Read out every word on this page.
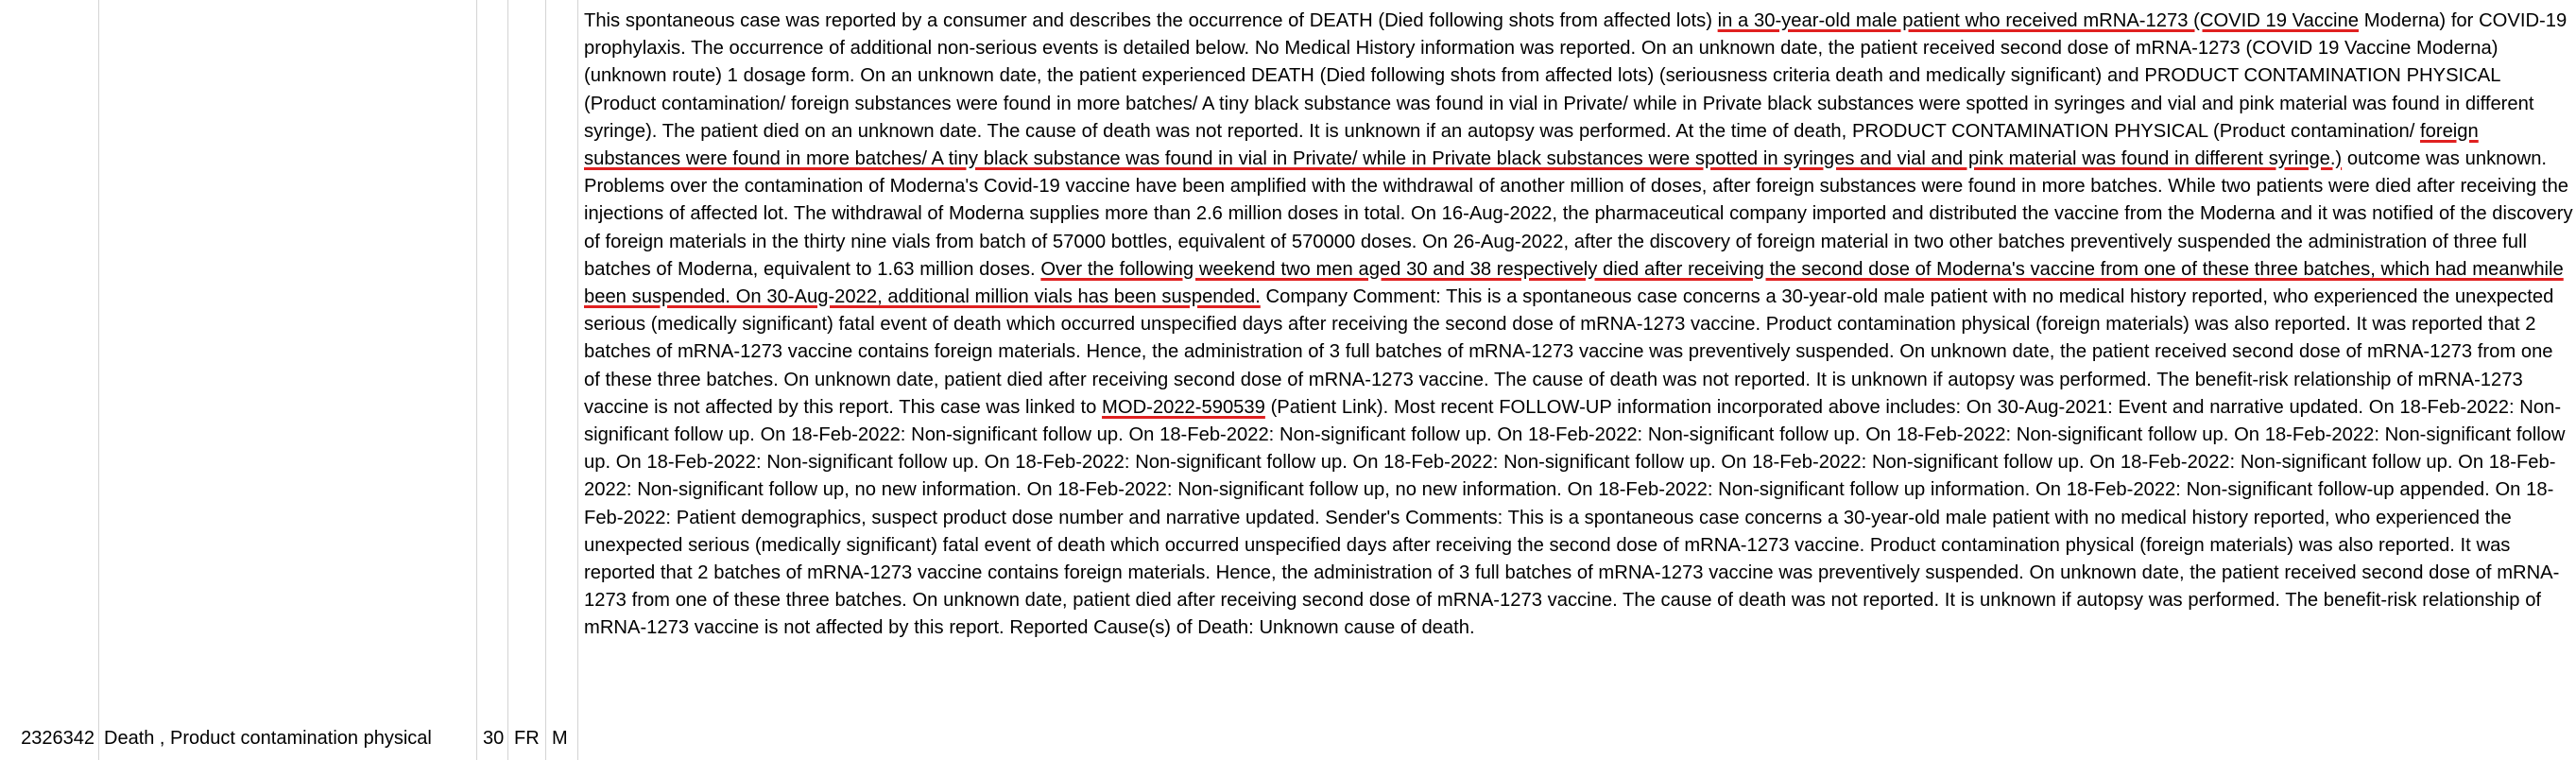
2326342 Death , Product contamination physical	30 FR M
This spontaneous case was reported by a consumer and describes the occurrence of DEATH (Died following shots from affected lots) in a 30-year-old male patient who received mRNA-1273 (COVID 19 Vaccine Moderna) for COVID-19 prophylaxis. The occurrence of additional non-serious events is detailed below. No Medical History information was reported. On an unknown date, the patient received second dose of mRNA-1273 (COVID 19 Vaccine Moderna) (unknown route) 1 dosage form. On an unknown date, the patient experienced DEATH (Died following shots from affected lots) (seriousness criteria death and medically significant) and PRODUCT CONTAMINATION PHYSICAL (Product contamination/ foreign substances were found in more batches/ A tiny black substance was found in vial in Private/ while in Private black substances were spotted in syringes and vial and pink material was found in different syringe). The patient died on an unknown date. The cause of death was not reported. It is unknown if an autopsy was performed. At the time of death, PRODUCT CONTAMINATION PHYSICAL (Product contamination/ foreign substances were found in more batches/ A tiny black substance was found in vial in Private/ while in Private black substances were spotted in syringes and vial and pink material was found in different syringe.) outcome was unknown. Problems over the contamination of Moderna's Covid-19 vaccine have been amplified with the withdrawal of another million of doses, after foreign substances were found in more batches. While two patients were died after receiving the injections of affected lot. The withdrawal of Moderna supplies more than 2.6 million doses in total. On 16-Aug-2022, the pharmaceutical company imported and distributed the vaccine from the Moderna and it was notified of the discovery of foreign materials in the thirty nine vials from batch of 57000 bottles, equivalent of 570000 doses. On 26-Aug-2022, after the discovery of foreign material in two other batches preventively suspended the administration of three full batches of Moderna, equivalent to 1.63 million doses. Over the following weekend two men aged 30 and 38 respectively died after receiving the second dose of Moderna's vaccine from one of these three batches, which had meanwhile been suspended. On 30-Aug-2022, additional million vials has been suspended. Company Comment: This is a spontaneous case concerns a 30-year-old male patient with no medical history reported, who experienced the unexpected serious (medically significant) fatal event of death which occurred unspecified days after receiving the second dose of mRNA-1273 vaccine. Product contamination physical (foreign materials) was also reported. It was reported that 2 batches of mRNA-1273 vaccine contains foreign materials. Hence, the administration of 3 full batches of mRNA-1273 vaccine was preventively suspended. On unknown date, the patient received second dose of mRNA-1273 from one of these three batches. On unknown date, patient died after receiving second dose of mRNA-1273 vaccine. The cause of death was not reported. It is unknown if autopsy was performed. The benefit-risk relationship of mRNA-1273 vaccine is not affected by this report. This case was linked to MOD-2022-590539 (Patient Link). Most recent FOLLOW-UP information incorporated above includes: On 30-Aug-2021: Event and narrative updated. On 18-Feb-2022: Non-significant follow up. On 18-Feb-2022: Non-significant follow up. On 18-Feb-2022: Non-significant follow up. On 18-Feb-2022: Non-significant follow up. On 18-Feb-2022: Non-significant follow up. On 18-Feb-2022: Non-significant follow up. On 18-Feb-2022: Non-significant follow up. On 18-Feb-2022: Non-significant follow up. On 18-Feb-2022: Non-significant follow up. On 18-Feb-2022: Non-significant follow up. On 18-Feb-2022: Non-significant follow up. On 18-Feb-2022: Non-significant follow up, no new information. On 18-Feb-2022: Non-significant follow up, no new information. On 18-Feb-2022: Non-significant follow up information. On 18-Feb-2022: Non-significant follow-up appended. On 18-Feb-2022: Patient demographics, suspect product dose number and narrative updated. Sender's Comments: This is a spontaneous case concerns a 30-year-old male patient with no medical history reported, who experienced the unexpected serious (medically significant) fatal event of death which occurred unspecified days after receiving the second dose of mRNA-1273 vaccine. Product contamination physical (foreign materials) was also reported. It was reported that 2 batches of mRNA-1273 vaccine contains foreign materials. Hence, the administration of 3 full batches of mRNA-1273 vaccine was preventively suspended. On unknown date, the patient received second dose of mRNA-1273 from one of these three batches. On unknown date, patient died after receiving second dose of mRNA-1273 vaccine. The cause of death was not reported. It is unknown if autopsy was performed. The benefit-risk relationship of mRNA-1273 vaccine is not affected by this report. Reported Cause(s) of Death: Unknown cause of death.
